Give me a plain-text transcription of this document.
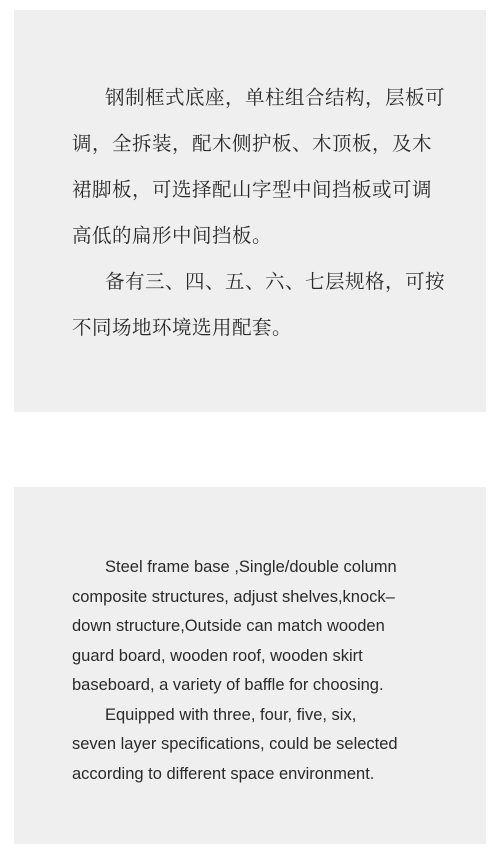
钢制框式底座，单柱组合结构，层板可
调，全拆装，配木侧护板、木顶板，及木
裙脚板，可选择配山字型中间挡板或可调
高低的扁形中间挡板。
备有三、四、五、六、七层规格，可按
不同场地环境选用配套。
Steel frame base ,Single/double column
composite structures, adjust shelves,knock–
down structure,Outside can match wooden
guard board, wooden roof, wooden skirt
baseboard, a variety of baffle for choosing.
Equipped with three, four, five, six,
seven layer specifications, could be selected
according to different space environment.
